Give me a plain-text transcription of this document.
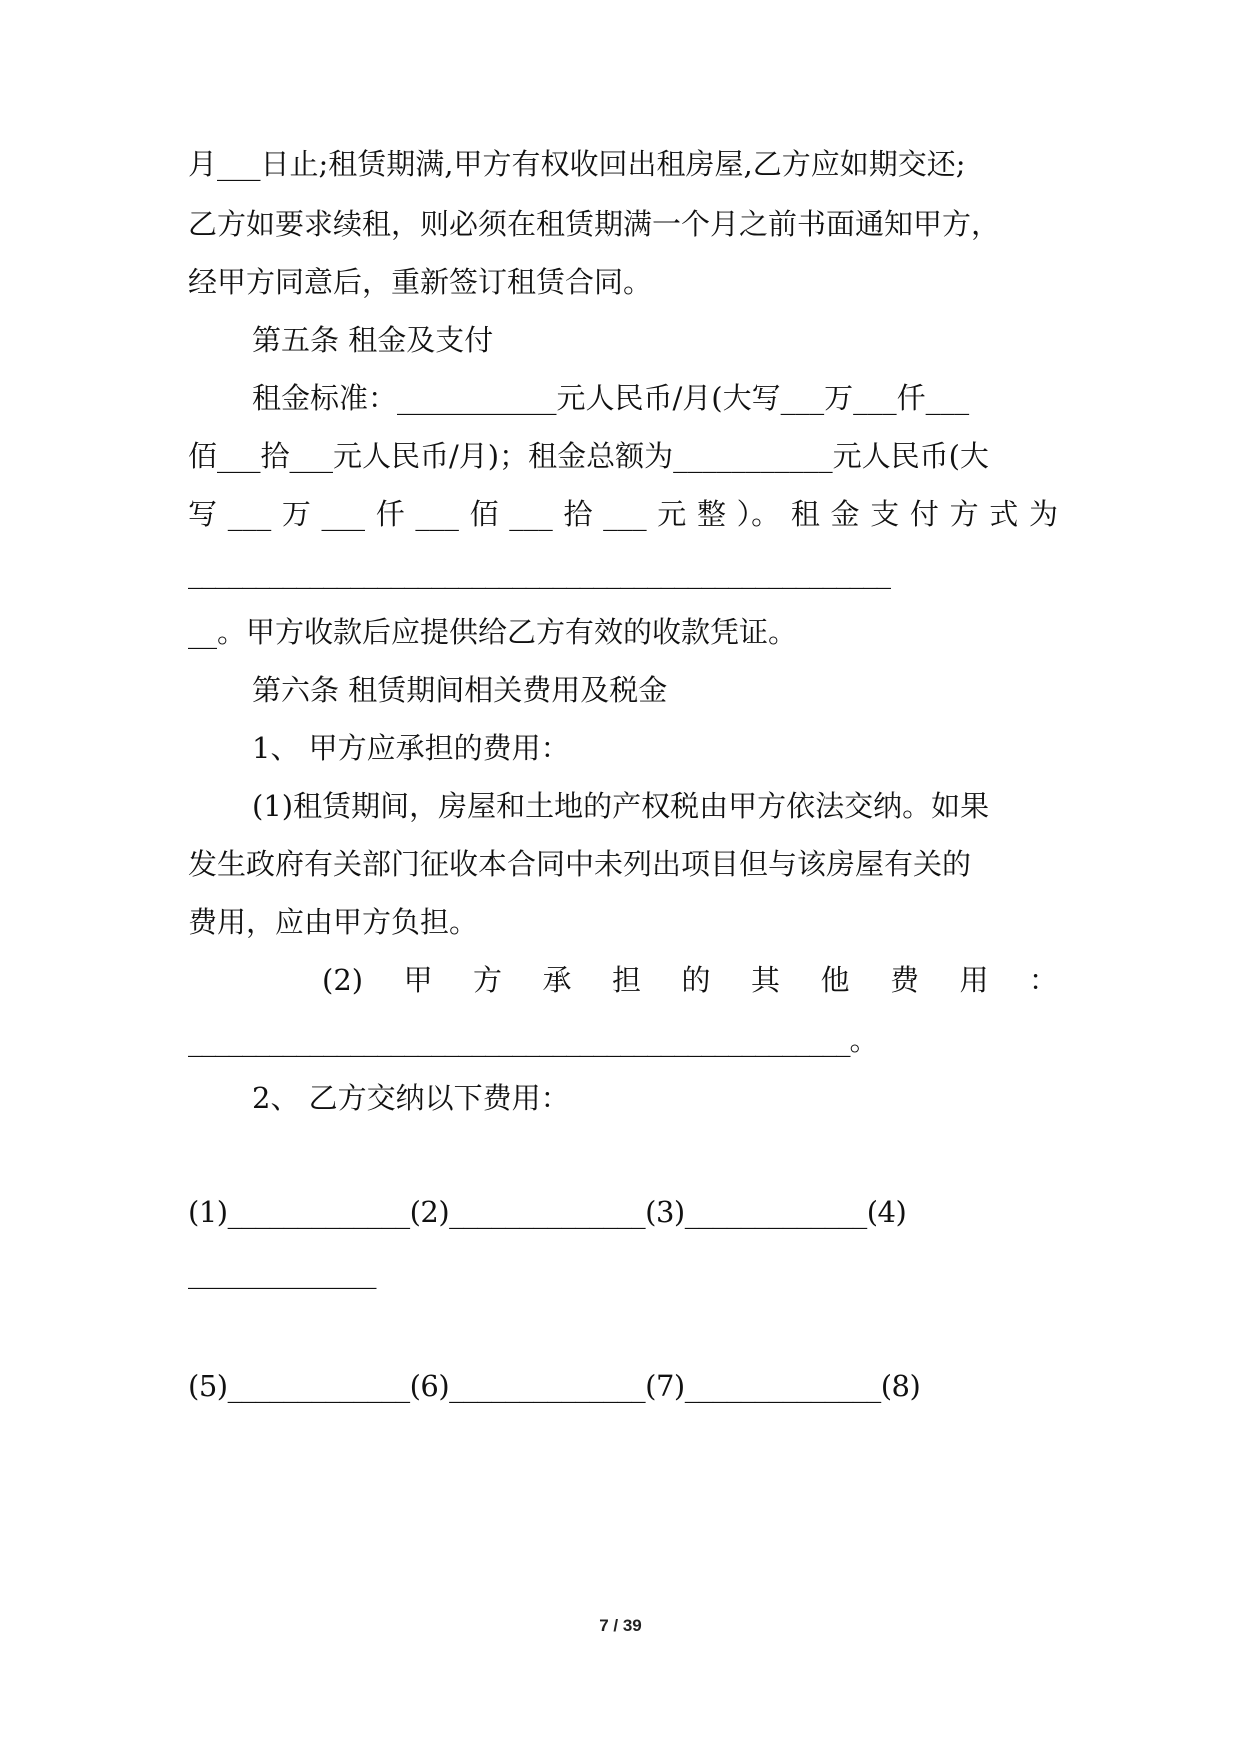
月___日止;租赁期满,甲方有权收回出租房屋,乙方应如期交还;
乙方如要求续租，则必须在租赁期满一个月之前书面通知甲方，
经甲方同意后，重新签订租赁合同。
第五条 租金及支付
租金标准：___________元人民币/月(大写___万___仟___
佰___拾___元人民币/月)；租金总额为___________元人民币(大
写 ___ 万 ___ 仟 ___ 佰 ___ 拾 ___ 元 整 ）。 租 金 支 付 方 式 为
____________________________________________________
__。甲方收款后应提供给乙方有效的收款凭证。
第六条 租赁期间相关费用及税金
1、 甲方应承担的费用：
(1)租赁期间，房屋和土地的产权税由甲方依法交纳。如果
发生政府有关部门征收本合同中未列出项目但与该房屋有关的
费用，应由甲方负担。
(2) 甲 方 承 担 的 其 他 费 用 ：
_________________________________________________。
2、 乙方交纳以下费用：
(1)_____________(2)______________(3)_____________(4)
_____________
(5)_____________(6)______________(7)______________(8)
7 / 39
